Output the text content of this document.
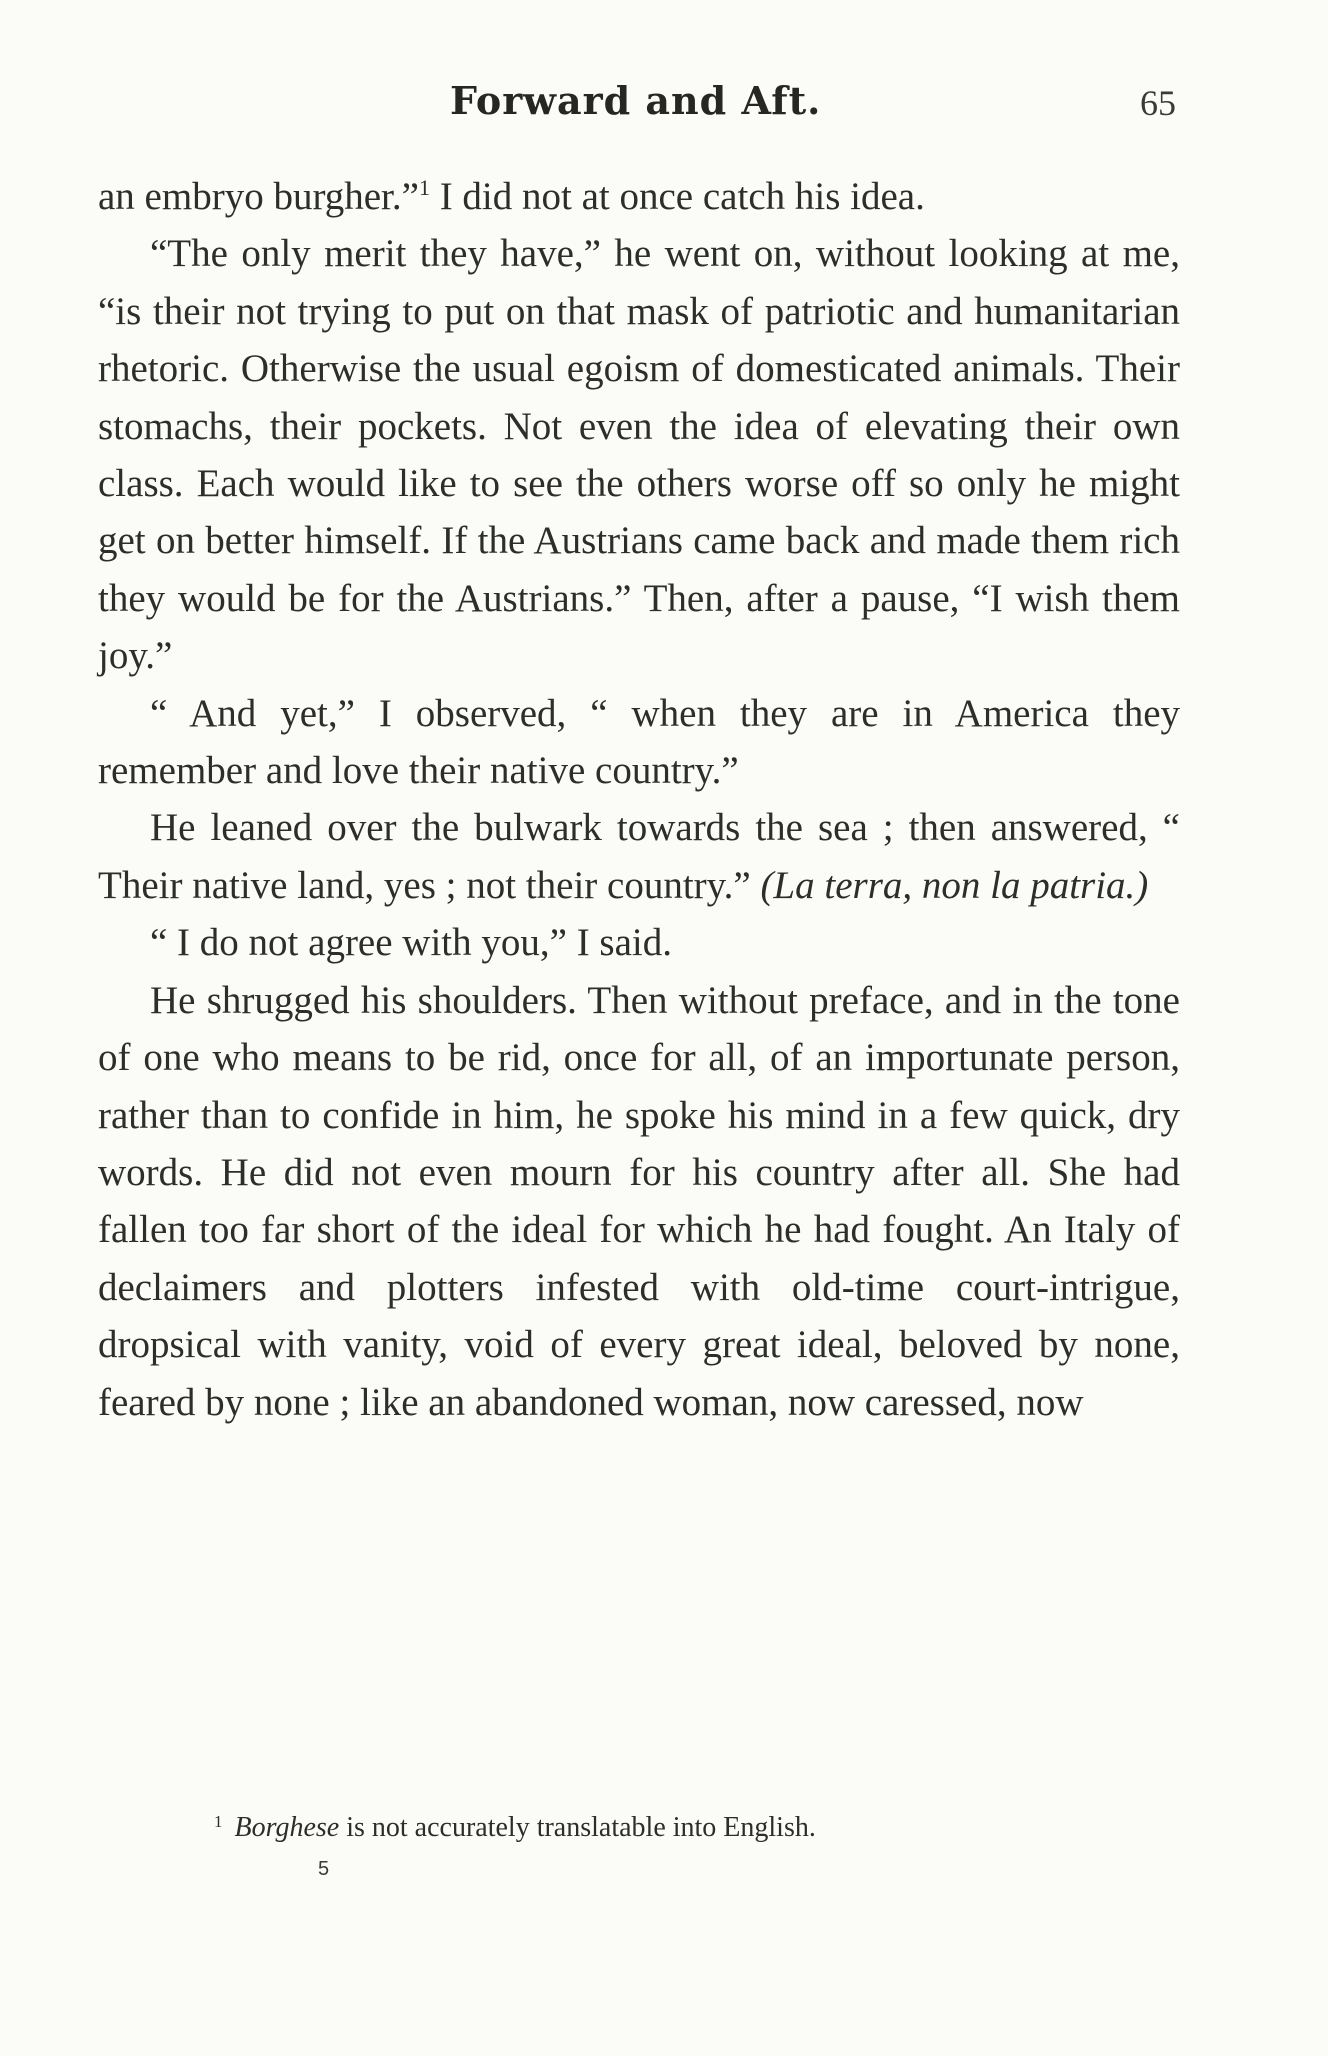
Forward and Aft.	65

an embryo burgher.”$^1$ I did not at once catch his idea.

“The only merit they have,” he went on, without looking at me, “is their not trying to put on that mask of patriotic and humanitarian rhetoric. Otherwise the usual egoism of domesticated animals. Their stomachs, their pockets. Not even the idea of elevating their own class. Each would like to see the others worse off so only he might get on better himself. If the Austrians came back and made them rich they would be for the Austrians.” Then, after a pause, “I wish them joy.”

“ And yet,” I observed, “ when they are in America they remember and love their native country.”

He leaned over the bulwark towards the sea ; then answered, “ Their native land, yes ; not their country.” (La terra, non la patria.)

“ I do not agree with you,” I said.

He shrugged his shoulders. Then without preface, and in the tone of one who means to be rid, once for all, of an importunate person, rather than to confide in him, he spoke his mind in a few quick, dry words. He did not even mourn for his country after all. She had fallen too far short of the ideal for which he had fought. An Italy of declaimers and plotters infested with old-time court-intrigue, dropsical with vanity, void of every great ideal, beloved by none, feared by none ; like an abandoned woman, now caressed, now

$^1$ Borghese is not accurately translatable into English.
5
